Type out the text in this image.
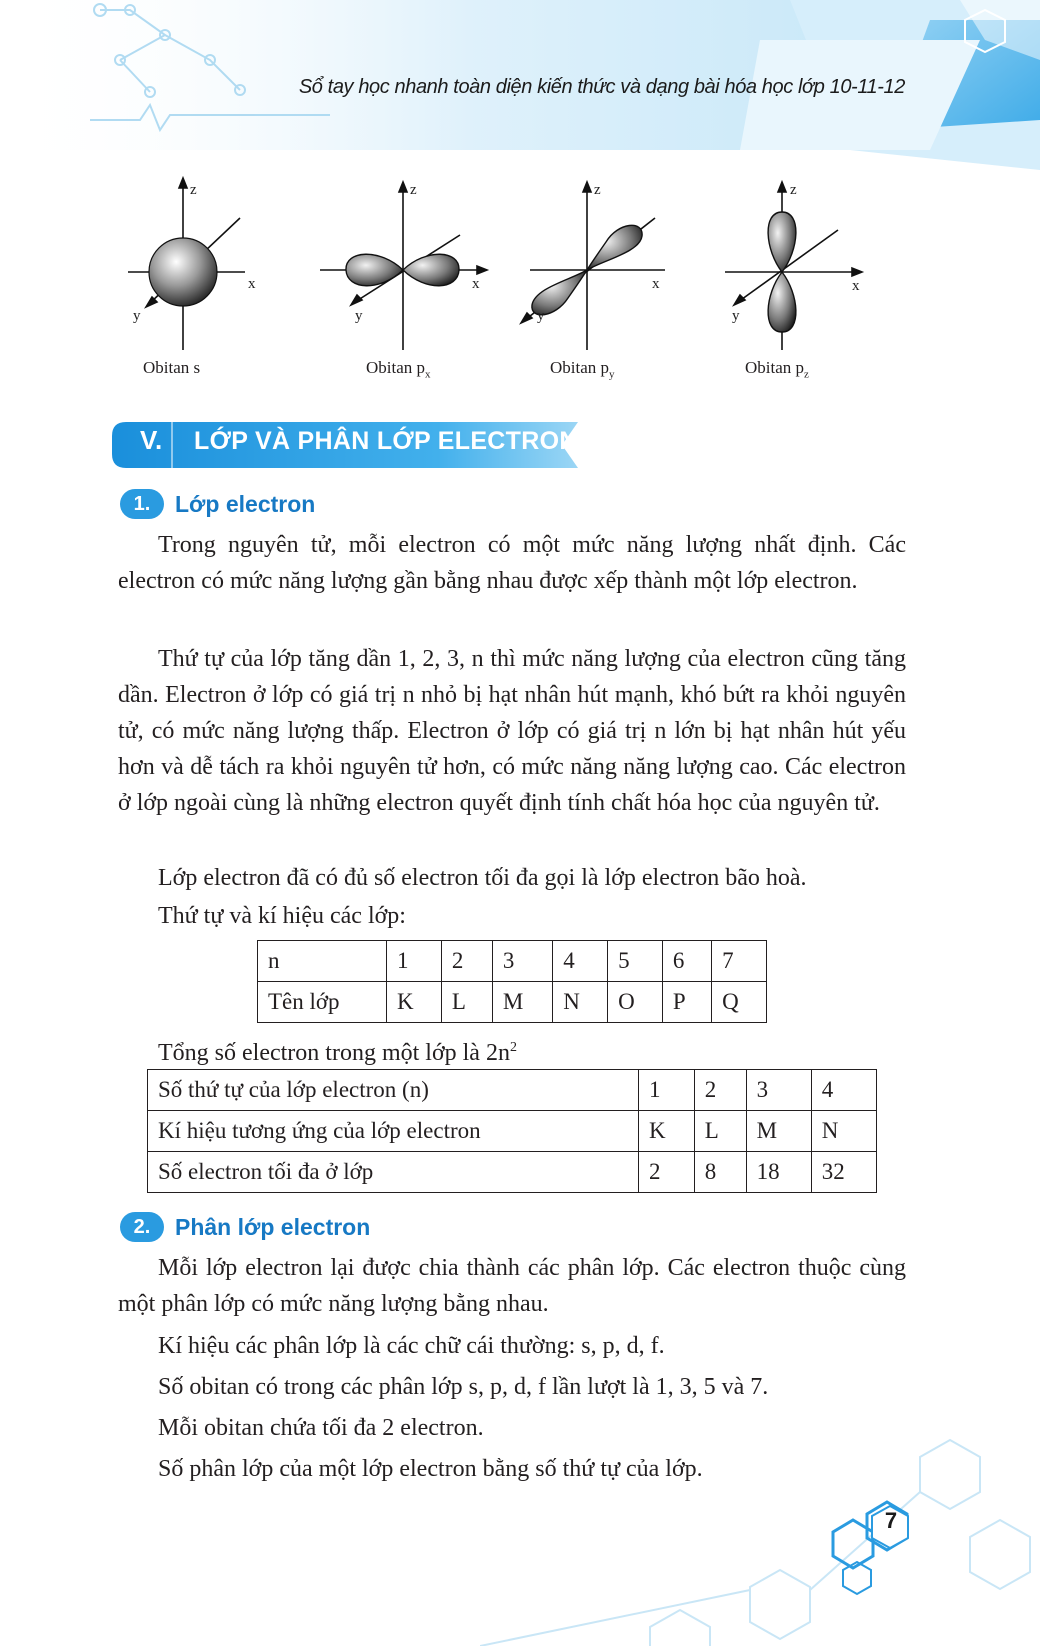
Sổ tay học nhanh toàn diện kiến thức và dạng bài hóa học lớp 10-11-12
z
x
y
z
x
y
z
x
y
z
x
y
Obitan s	Obitan $p_x$	Obitan $p_y$	Obitan $p_z$
V. LỚP VÀ PHÂN LỚP ELECTRON
1.	Lớp electron

Trong nguyên tử, mỗi electron có một mức năng lượng nhất định. Các electron có mức năng lượng gần bằng nhau được xếp thành một lớp electron.

Thứ tự của lớp tăng dần 1, 2, 3, n thì mức năng lượng của electron cũng tăng dần. Electron ở lớp có giá trị n nhỏ bị hạt nhân hút mạnh, khó bứt ra khỏi nguyên tử, có mức năng lượng thấp. Electron ở lớp có giá trị n lớn bị hạt nhân hút yếu hơn và dễ tách ra khỏi nguyên tử hơn, có mức năng năng lượng cao. Các electron ở lớp ngoài cùng là những electron quyết định tính chất hóa học của nguyên tử.

Lớp electron đã có đủ số electron tối đa gọi là lớp electron bão hoà.

Thứ tự và kí hiệu các lớp:

n	1	2	3	4	5	6	7
Tên lớp	K	L	M	N	O	P	Q

Tổng số electron trong một lớp là $2n^2$

Số thứ tự của lớp electron (n)	1	2	3	4
Kí hiệu tương ứng của lớp electron	K	L	M	N
Số electron tối đa ở lớp	2	8	18	32
2.	Phân lớp electron

Mỗi lớp electron lại được chia thành các phân lớp. Các electron thuộc cùng một phân lớp có mức năng lượng bằng nhau.

Kí hiệu các phân lớp là các chữ cái thường: s, p, d, f.

Số obitan có trong các phân lớp s, p, d, f lần lượt là 1, 3, 5 và 7.

Mỗi obitan chứa tối đa 2 electron.

Số phân lớp của một lớp electron bằng số thứ tự của lớp.

7
